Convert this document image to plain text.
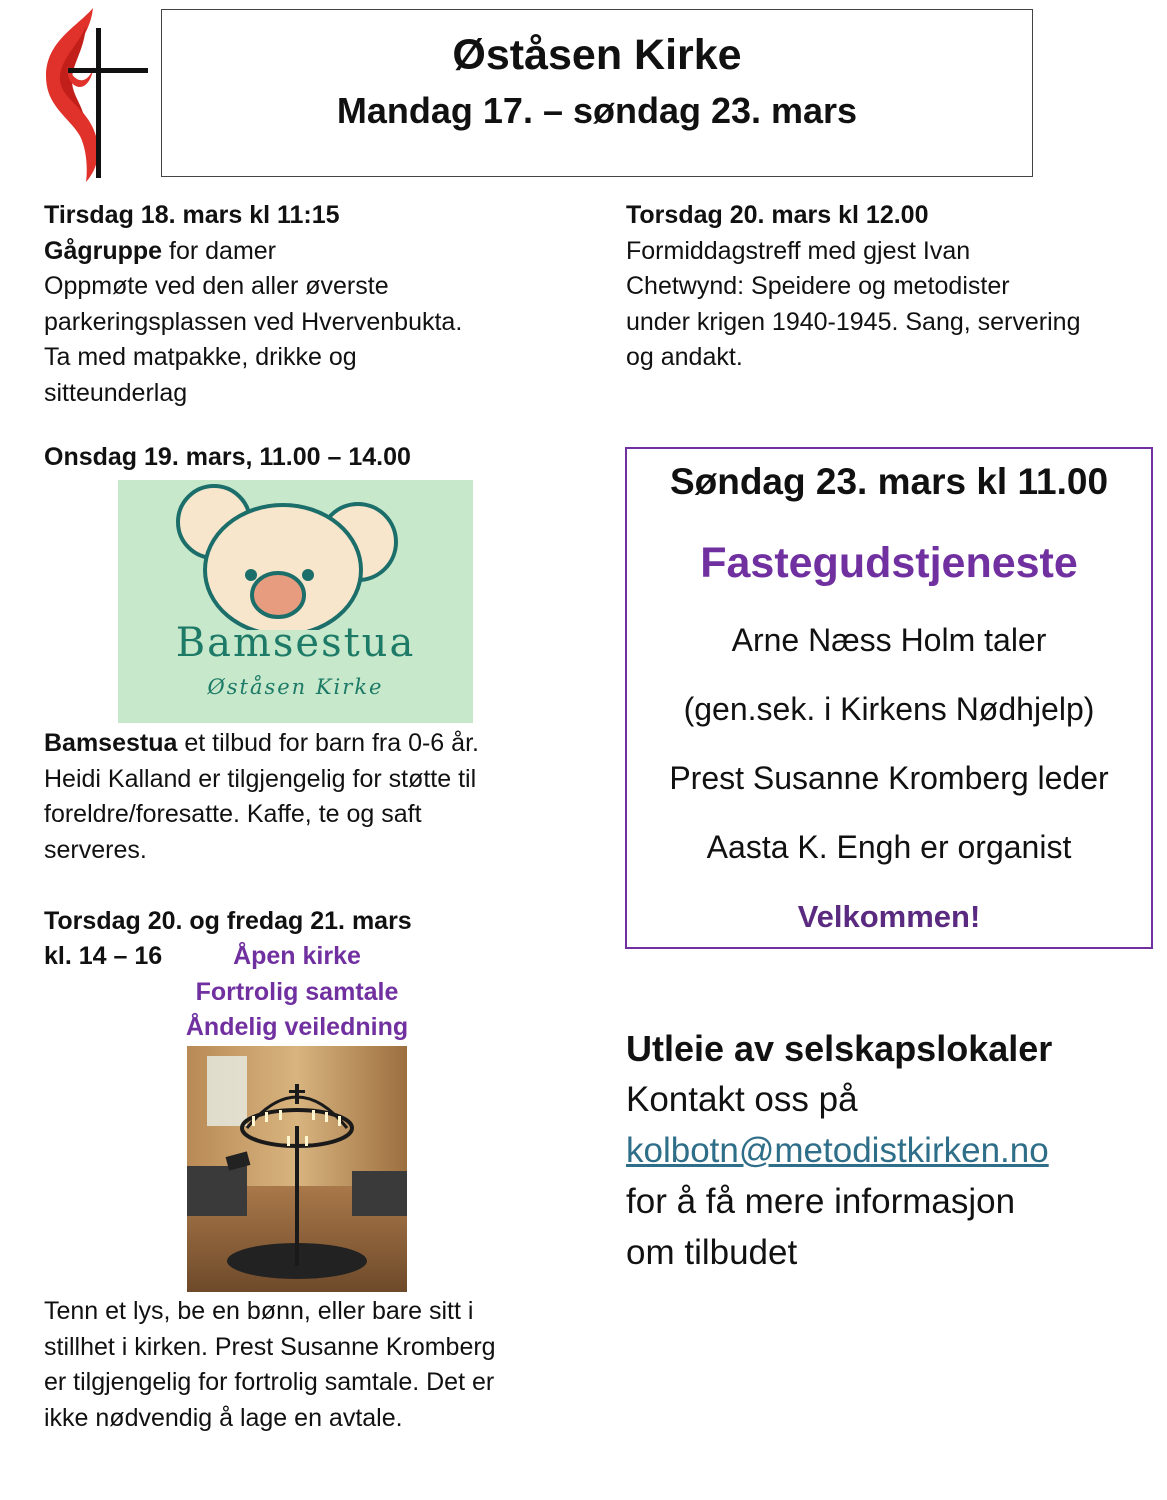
Øståsen Kirke
Mandag 17. – søndag 23. mars
Tirsdag 18. mars kl 11:15
Gågruppe for damer
Oppmøte ved den aller øverste
parkeringsplassen ved Hvervenbukta.
Ta med matpakke, drikke og
sitteunderlag
Onsdag 19. mars, 11.00 – 14.00
Bamsestua
Øståsen Kirke
Bamsestua et tilbud for barn fra 0-6 år.
Heidi Kalland er tilgjengelig for støtte til
foreldre/foresatte. Kaffe, te og saft
serveres.
Torsdag 20. og fredag 21. mars
kl. 14 – 16	Åpen kirke
Fortrolig samtale
Åndelig veiledning
Tenn et lys, be en bønn, eller bare sitt i
stillhet i kirken. Prest Susanne Kromberg
er tilgjengelig for fortrolig samtale. Det er
ikke nødvendig å lage en avtale.
Torsdag 20. mars kl 12.00
Formiddagstreff med gjest Ivan
Chetwynd: Speidere og metodister
under krigen 1940-1945. Sang, servering
og andakt.
Søndag 23. mars kl 11.00
Fastegudstjeneste
Arne Næss Holm taler
(gen.sek. i Kirkens Nødhjelp)
Prest Susanne Kromberg leder
Aasta K. Engh er organist
Velkommen!
Utleie av selskapslokaler
Kontakt oss på
kolbotn@metodistkirken.no
for å få mere informasjon
om tilbudet
